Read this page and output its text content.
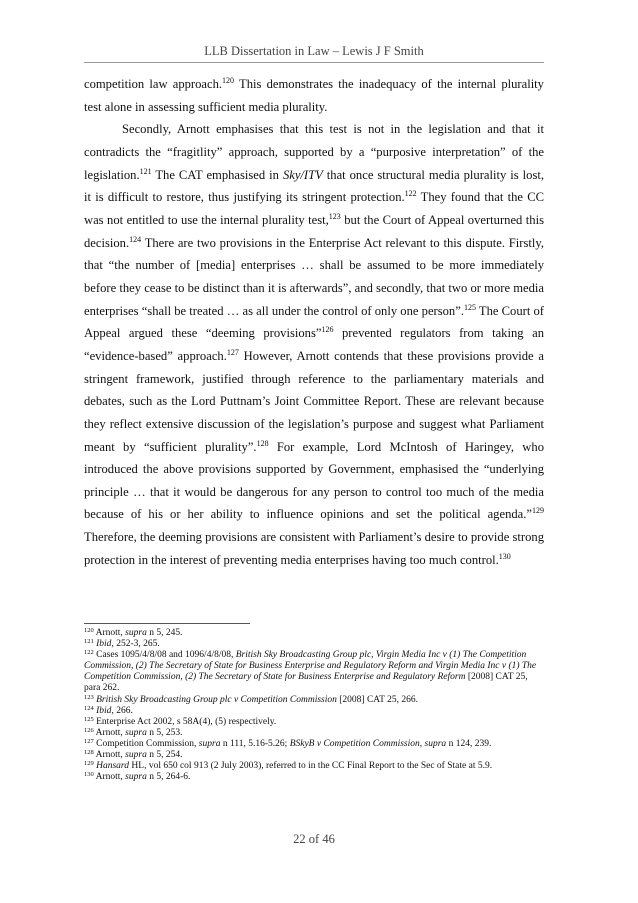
LLB Dissertation in Law – Lewis J F Smith

competition law approach.$^{120}$ This demonstrates the inadequacy of the internal plurality test alone in assessing sufficient media plurality.

Secondly, Arnott emphasises that this test is not in the legislation and that it contradicts the “fragitlity” approach, supported by a “purposive interpretation” of the legislation.$^{121}$ The CAT emphasised in Sky/ITV that once structural media plurality is lost, it is difficult to restore, thus justifying its stringent protection.$^{122}$ They found that the CC was not entitled to use the internal plurality test,$^{123}$ but the Court of Appeal overturned this decision.$^{124}$ There are two provisions in the Enterprise Act relevant to this dispute. Firstly, that “the number of [media] enterprises … shall be assumed to be more immediately before they cease to be distinct than it is afterwards”, and secondly, that two or more media enterprises “shall be treated … as all under the control of only one person”.$^{125}$ The Court of Appeal argued these “deeming provisions”$^{126}$ prevented regulators from taking an “evidence-based” approach.$^{127}$ However, Arnott contends that these provisions provide a stringent framework, justified through reference to the parliamentary materials and debates, such as the Lord Puttnam’s Joint Committee Report. These are relevant because they reflect extensive discussion of the legislation’s purpose and suggest what Parliament meant by “sufficient plurality”.$^{128}$ For example, Lord McIntosh of Haringey, who introduced the above provisions supported by Government, emphasised the “underlying principle … that it would be dangerous for any person to control too much of the media because of his or her ability to influence opinions and set the political agenda.”$^{129}$ Therefore, the deeming provisions are consistent with Parliament’s desire to provide strong protection in the interest of preventing media enterprises having too much control.$^{130}$

$^{120}$ Arnott, supra n 5, 245.
$^{121}$ Ibid, 252-3, 265.
$^{122}$ Cases 1095/4/8/08 and 1096/4/8/08, British Sky Broadcasting Group plc, Virgin Media Inc v (1) The Competition Commission, (2) The Secretary of State for Business Enterprise and Regulatory Reform and Virgin Media Inc v (1) The Competition Commission, (2) The Secretary of State for Business Enterprise and Regulatory Reform [2008] CAT 25, para 262.
$^{123}$ British Sky Broadcasting Group plc v Competition Commission [2008] CAT 25, 266.
$^{124}$ Ibid, 266.
$^{125}$ Enterprise Act 2002, s 58A(4), (5) respectively.
$^{126}$ Arnott, supra n 5, 253.
$^{127}$ Competition Commission, supra n 111, 5.16-5.26; BSkyB v Competition Commission, supra n 124, 239.
$^{128}$ Arnott, supra n 5, 254.
$^{129}$ Hansard HL, vol 650 col 913 (2 July 2003), referred to in the CC Final Report to the Sec of State at 5.9.
$^{130}$ Arnott, supra n 5, 264-6.
22 of 46
